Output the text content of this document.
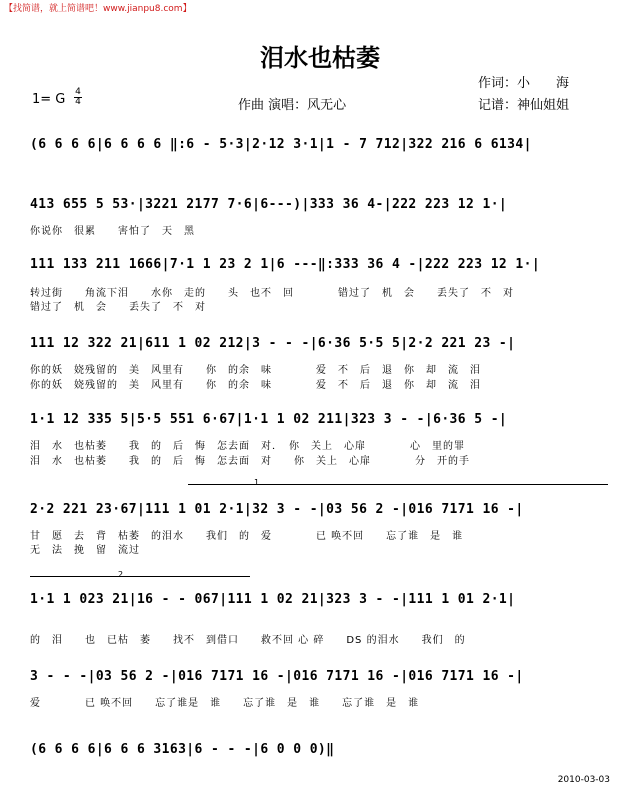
【找简谱，就上简谱吧！www.jianpu8.com】
泪水也枯萎
作词：小　　海
记谱：神仙姐姐
作曲 演唱：风无心
1= G 4
4
(6 6 6 6|6 6 6 6 ‖:6 - 5·3|2·12 3·1|1 - 7 712|322 216 6 6134|
413 655 5 53·|3221 2177 7·6|6---)|333 36 4-|222 223 12 1·|
你说你　很累　　害怕了　天　黑
111 133 211 1666|7·1 1 23 2 1|6 ---‖:333 36 4 -|222 223 12 1·|
转过街　　角流下泪　　水你　走的　　头　也不　回　　　　错过了　机　会　　丢失了　不　对
错过了　机　会　　丢失了　不　对
111 12 322 21|611 1 02 212|3 - - -|6·36 5·5 5|2·2 221 23 -|
你的妖　娆残留的　美　风里有　　你　的余　味　　　　爱　不　后　退　你　却　流　泪
你的妖　娆残留的　美　风里有　　你　的余　味　　　　爱　不　后　退　你　却　流　泪
1·1 12 335 5|5·5 551 6·67|1·1 1 02 211|323 3 - -|6·36 5 -|
泪　水　也枯萎　　我　的　后　悔　怎去面　对．　你　关上　心扉　　　　心　里的罪
泪　水　也枯萎　　我　的　后　悔　怎去面　对　　你　关上　心扉　　　　分　开的手
1
2·2 221 23·67|111 1 01 2·1|32 3 - -|03 56 2 -|016 7171 16 -|
甘　愿　去　背　枯萎　的泪水　　我们　的　爱　　　　已 唤不回　　忘了谁　是　谁
无　法　挽　留　流过
2
1·1 1 023 21|16 - - 067|111 1 02 21|323 3 - -|111 1 01 2·1|
的　泪　　也　已枯　萎　　找不　到借口　　救不回 心 碎　　DS 的泪水　　我们　的
3 - - -|03 56 2 -|016 7171 16 -|016 7171 16 -|016 7171 16 -|
爱　　　　已 唤不回　　忘了谁是　谁　　忘了谁　是　谁　　忘了谁　是　谁
(6 6 6 6|6 6 6 3163|6 - - -|6 0 0 0)‖
2010-03-03
